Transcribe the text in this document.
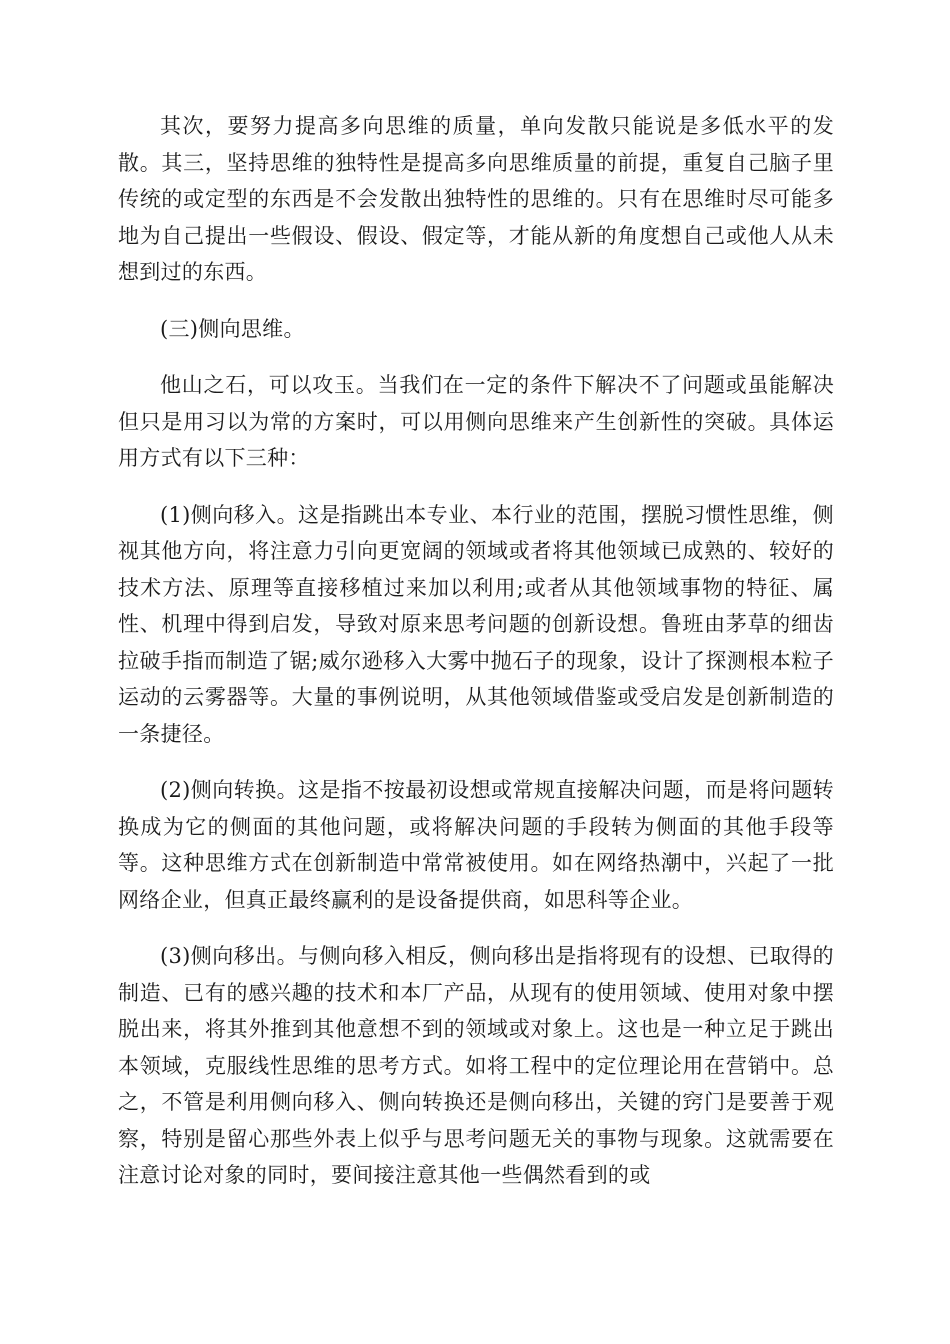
其次，要努力提高多向思维的质量，单向发散只能说是多低水平的发散。其三，坚持思维的独特性是提高多向思维质量的前提，重复自己脑子里传统的或定型的东西是不会发散出独特性的思维的。只有在思维时尽可能多地为自己提出一些假设、假设、假定等，才能从新的角度想自己或他人从未想到过的东西。

(三)侧向思维。

他山之石，可以攻玉。当我们在一定的条件下解决不了问题或虽能解决但只是用习以为常的方案时，可以用侧向思维来产生创新性的突破。具体运用方式有以下三种：

(1)侧向移入。这是指跳出本专业、本行业的范围，摆脱习惯性思维，侧视其他方向，将注意力引向更宽阔的领域或者将其他领域已成熟的、较好的技术方法、原理等直接移植过来加以利用;或者从其他领域事物的特征、属性、机理中得到启发，导致对原来思考问题的创新设想。鲁班由茅草的细齿拉破手指而制造了锯;威尔逊移入大雾中抛石子的现象，设计了探测根本粒子运动的云雾器等。大量的事例说明，从其他领域借鉴或受启发是创新制造的一条捷径。

(2)侧向转换。这是指不按最初设想或常规直接解决问题，而是将问题转换成为它的侧面的其他问题，或将解决问题的手段转为侧面的其他手段等等。这种思维方式在创新制造中常常被使用。如在网络热潮中，兴起了一批网络企业，但真正最终赢利的是设备提供商，如思科等企业。

(3)侧向移出。与侧向移入相反，侧向移出是指将现有的设想、已取得的制造、已有的感兴趣的技术和本厂产品，从现有的使用领域、使用对象中摆脱出来，将其外推到其他意想不到的领域或对象上。这也是一种立足于跳出本领域，克服线性思维的思考方式。如将工程中的定位理论用在营销中。总之，不管是利用侧向移入、侧向转换还是侧向移出，关键的窍门是要善于观察，特别是留心那些外表上似乎与思考问题无关的事物与现象。这就需要在注意讨论对象的同时，要间接注意其他一些偶然看到的或
